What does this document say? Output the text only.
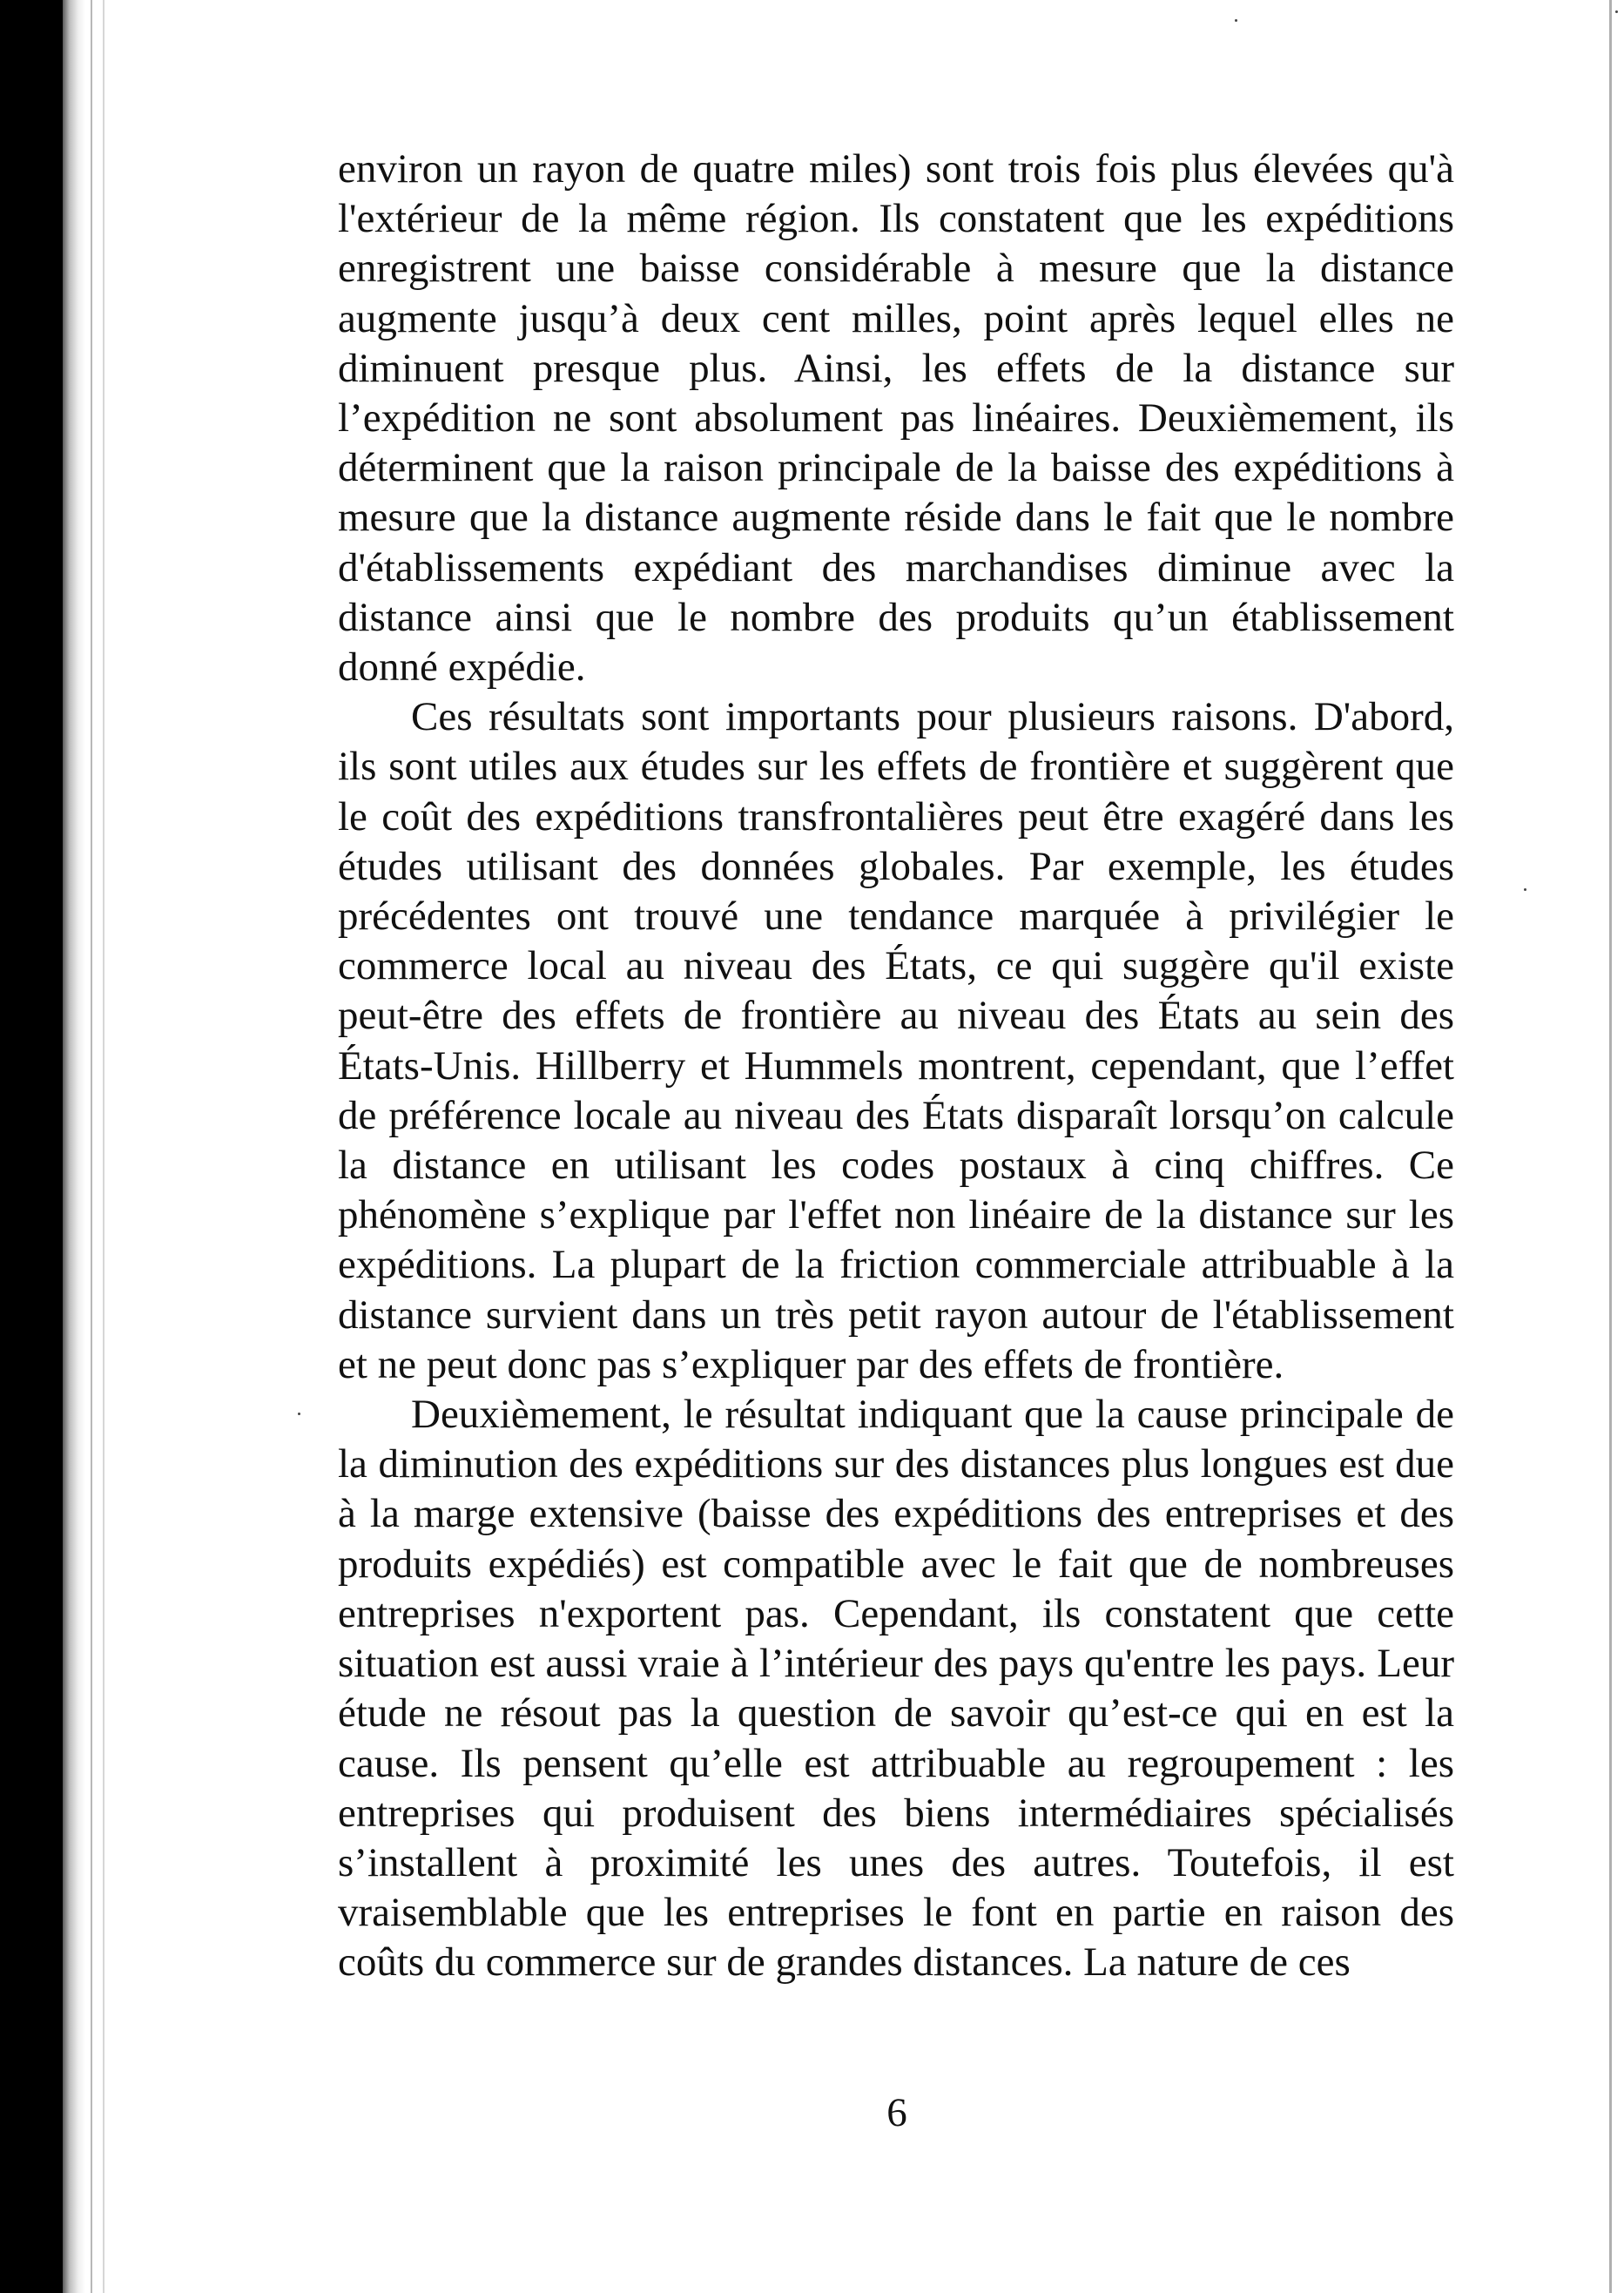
environ un rayon de quatre miles) sont trois fois plus élevées qu'à l'extérieur de la même région. Ils constatent que les expéditions enregistrent une baisse considérable à mesure que la distance augmente jusqu’à deux cent milles, point après lequel elles ne diminuent presque plus. Ainsi, les effets de la distance sur l’expédition ne sont absolument pas linéaires. Deuxièmement, ils déterminent que la raison principale de la baisse des expéditions à mesure que la distance augmente réside dans le fait que le nombre d'établissements expédiant des marchandises diminue avec la distance ainsi que le nombre des produits qu’un établissement donné expédie.

Ces résultats sont importants pour plusieurs raisons. D'abord, ils sont utiles aux études sur les effets de frontière et suggèrent que le coût des expéditions transfrontalières peut être exagéré dans les études utilisant des données globales. Par exemple, les études précédentes ont trouvé une tendance marquée à privilégier le commerce local au niveau des États, ce qui suggère qu'il existe peut-être des effets de frontière au niveau des États au sein des États-Unis. Hillberry et Hummels montrent, cependant, que l’effet de préférence locale au niveau des États disparaît lorsqu’on calcule la distance en utilisant les codes postaux à cinq chiffres. Ce phénomène s’explique par l'effet non linéaire de la distance sur les expéditions. La plupart de la friction commerciale attribuable à la distance survient dans un très petit rayon autour de l'établissement et ne peut donc pas s’expliquer par des effets de frontière.

Deuxièmement, le résultat indiquant que la cause principale de la diminution des expéditions sur des distances plus longues est due à la marge extensive (baisse des expéditions des entreprises et des produits expédiés) est compatible avec le fait que de nombreuses entreprises n'exportent pas. Cependant, ils constatent que cette situation est aussi vraie à l’intérieur des pays qu'entre les pays. Leur étude ne résout pas la question de savoir qu’est-ce qui en est la cause. Ils pensent qu’elle est attribuable au regroupement : les entreprises qui produisent des biens intermédiaires spécialisés s’installent à proximité les unes des autres. Toutefois, il est vraisemblable que les entreprises le font en partie en raison des coûts du commerce sur de grandes distances. La nature de ces

6
